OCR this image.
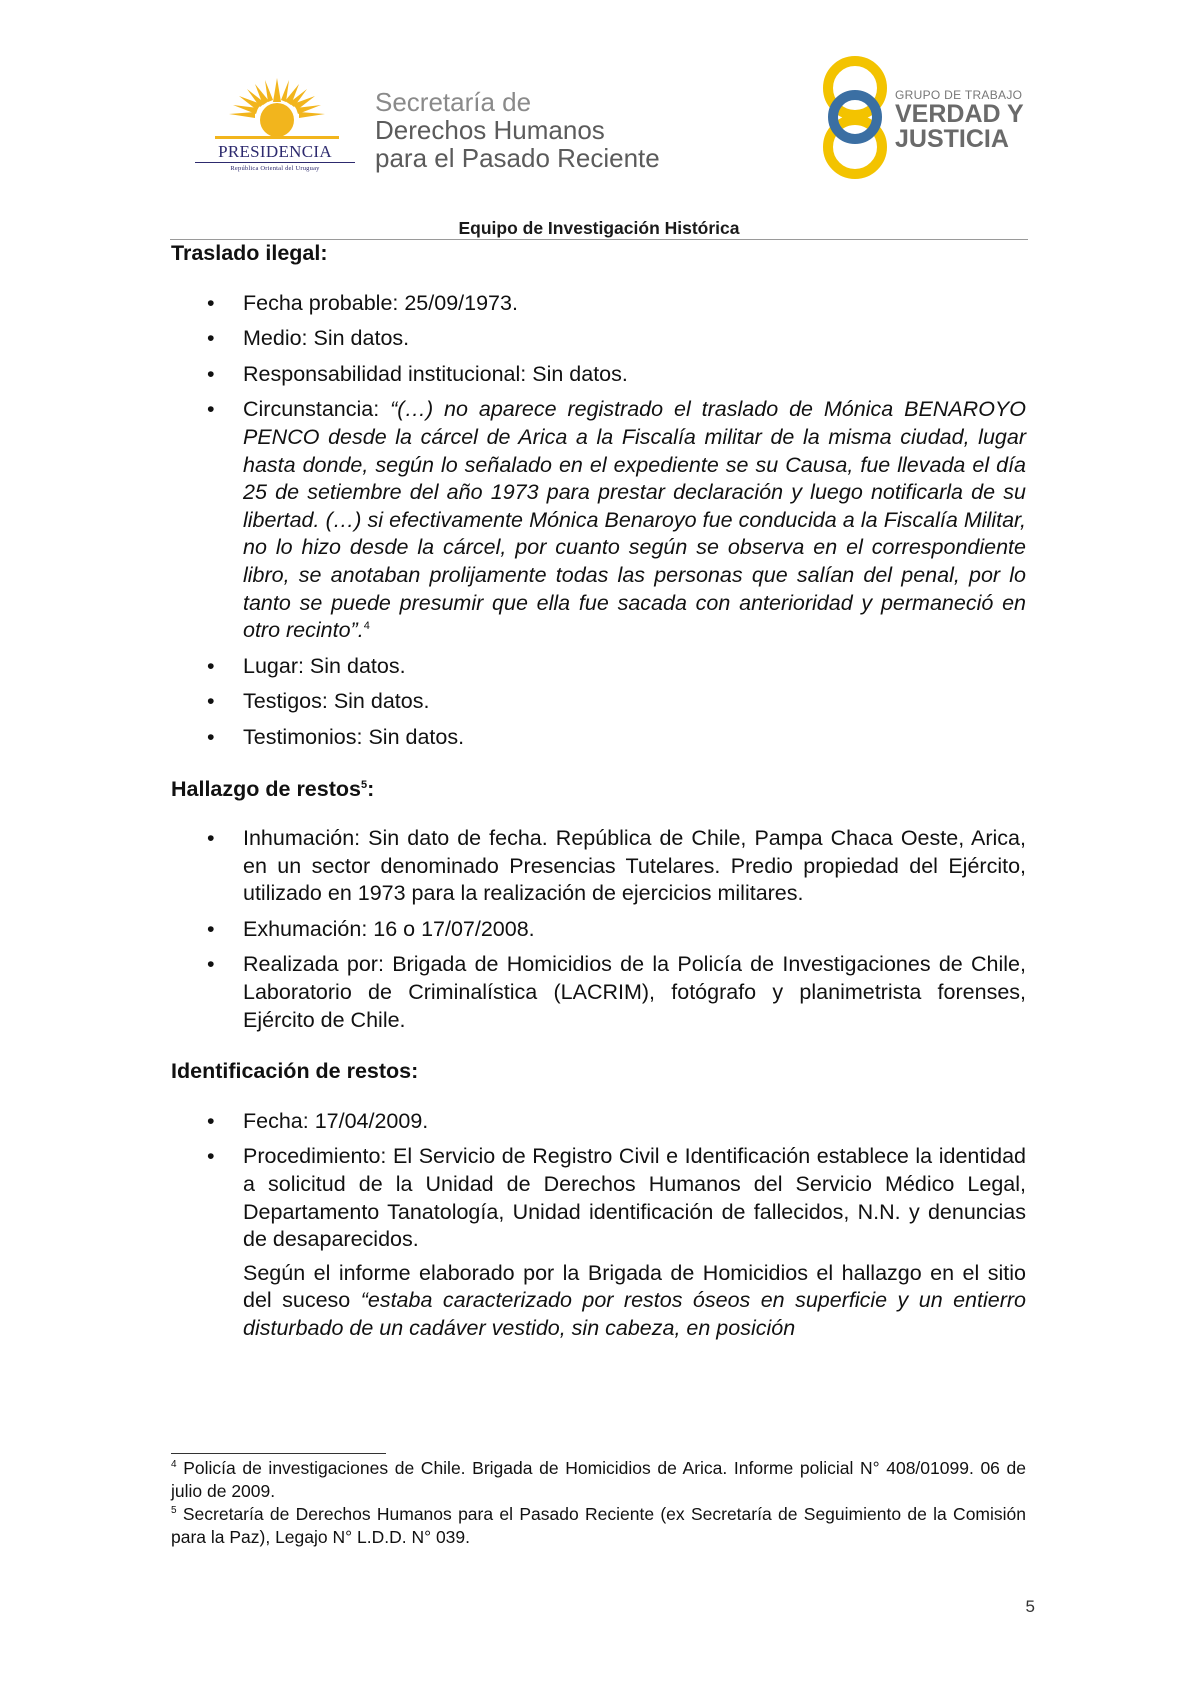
PRESIDENCIA
República Oriental del Uruguay
Secretaría de
Derechos Humanos
para el Pasado Reciente
GRUPO DE TRABAJO
VERDAD Y
JUSTICIA
Equipo de Investigación Histórica
Traslado ilegal:
• Fecha probable: 25/09/1973.
• Medio: Sin datos.
• Responsabilidad institucional: Sin datos.
• Circunstancia: “(…) no aparece registrado el traslado de Mónica BENAROYO PENCO desde la cárcel de Arica a la Fiscalía militar de la misma ciudad, lugar hasta donde, según lo señalado en el expediente se su Causa, fue llevada el día 25 de setiembre del año 1973 para prestar declaración y luego notificarla de su libertad. (…) si efectivamente Mónica Benaroyo fue conducida a la Fiscalía Militar, no lo hizo desde la cárcel, por cuanto según se observa en el correspondiente libro, se anotaban prolijamente todas las personas que salían del penal, por lo tanto se puede presumir que ella fue sacada con anterioridad y permaneció en otro recinto”.$^4$
• Lugar: Sin datos.
• Testigos: Sin datos.
• Testimonios: Sin datos.
Hallazgo de restos$^5$:
• Inhumación: Sin dato de fecha. República de Chile, Pampa Chaca Oeste, Arica, en un sector denominado Presencias Tutelares. Predio propiedad del Ejército, utilizado en 1973 para la realización de ejercicios militares.
• Exhumación: 16 o 17/07/2008.
• Realizada por: Brigada de Homicidios de la Policía de Investigaciones de Chile, Laboratorio de Criminalística (LACRIM), fotógrafo y planimetrista forenses, Ejército de Chile.
Identificación de restos:
• Fecha: 17/04/2009.
• Procedimiento: El Servicio de Registro Civil e Identificación establece la identidad a solicitud de la Unidad de Derechos Humanos del Servicio Médico Legal, Departamento Tanatología, Unidad identificación de fallecidos, N.N. y denuncias de desaparecidos.
Según el informe elaborado por la Brigada de Homicidios el hallazgo en el sitio del suceso “estaba caracterizado por restos óseos en superficie y un entierro disturbado de un cadáver vestido, sin cabeza, en posición

$^4$ Policía de investigaciones de Chile. Brigada de Homicidios de Arica. Informe policial N° 408/01099. 06 de julio de 2009.

$^5$ Secretaría de Derechos Humanos para el Pasado Reciente (ex Secretaría de Seguimiento de la Comisión para la Paz), Legajo N° L.D.D. N° 039.

5
